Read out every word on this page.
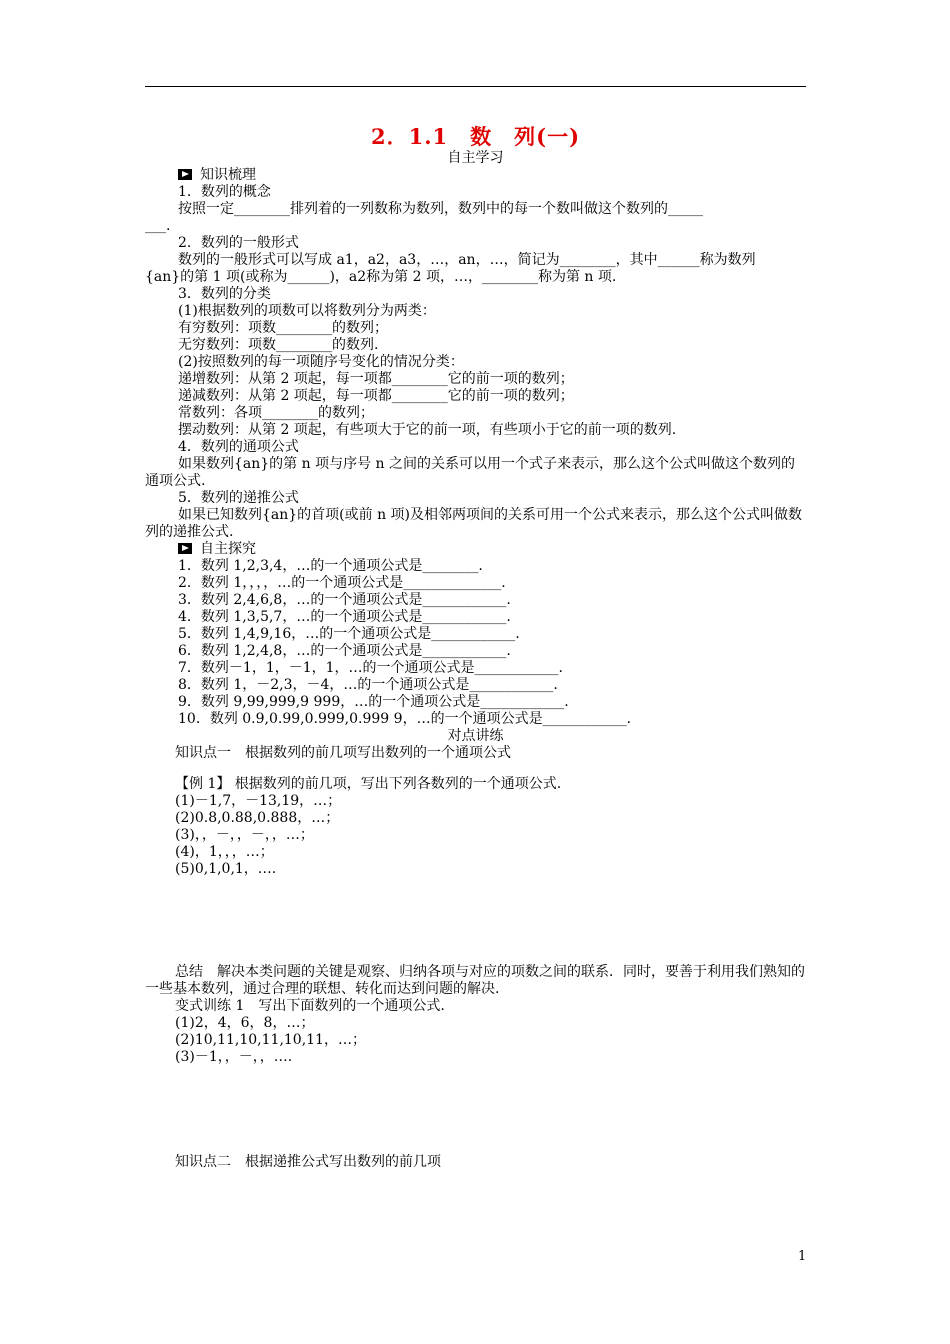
2．1.1　数　列(一)
自主学习
知识梳理
1．数列的概念
按照一定________排列着的一列数称为数列，数列中的每一个数叫做这个数列的_____
___.
2．数列的一般形式
数列的一般形式可以写成 a1，a2，a3，…，an，…，简记为________，其中______称为数列
{an}的第 1 项(或称为______)，a2称为第 2 项，…，________称为第 n 项.
3．数列的分类
(1)根据数列的项数可以将数列分为两类：
有穷数列：项数________的数列；
无穷数列：项数________的数列.
(2)按照数列的每一项随序号变化的情况分类：
递增数列：从第 2 项起，每一项都________它的前一项的数列；
递减数列：从第 2 项起，每一项都________它的前一项的数列；
常数列：各项________的数列；
摆动数列：从第 2 项起，有些项大于它的前一项，有些项小于它的前一项的数列.
4．数列的通项公式
如果数列{an}的第 n 项与序号 n 之间的关系可以用一个式子来表示，那么这个公式叫做这个数列的通项公式.
5．数列的递推公式
如果已知数列{an}的首项(或前 n 项)及相邻两项间的关系可用一个公式来表示，那么这个公式叫做数列的递推公式.
自主探究
1．数列 1,2,3,4，…的一个通项公式是________.
2．数列 1，，，，…的一个通项公式是______________.
3．数列 2,4,6,8，…的一个通项公式是____________.
4．数列 1,3,5,7，…的一个通项公式是____________.
5．数列 1,4,9,16，…的一个通项公式是____________.
6．数列 1,2,4,8，…的一个通项公式是____________.
7．数列－1，1，－1，1，…的一个通项公式是____________.
8．数列 1，－2,3，－4，…的一个通项公式是____________.
9．数列 9,99,999,9 999，…的一个通项公式是____________.
10．数列 0.9,0.99,0.999,0.999 9，…的一个通项公式是____________.
对点讲练
知识点一　根据数列的前几项写出数列的一个通项公式
【例 1】 根据数列的前几项，写出下列各数列的一个通项公式.
(1)－1,7，－13,19，…；
(2)0.8,0.88,0.888，…；
(3)，，－，，－，，…；
(4)，1，，，…；
(5)0,1,0,1，….
总结　解决本类问题的关键是观察、归纳各项与对应的项数之间的联系．同时，要善于利用我们熟知的一些基本数列，通过合理的联想、转化而达到问题的解决.
变式训练 1　写出下面数列的一个通项公式.
(1)2，4，6，8，…；
(2)10,11,10,11,10,11，…；
(3)－1，，－，，….
知识点二　根据递推公式写出数列的前几项
1
